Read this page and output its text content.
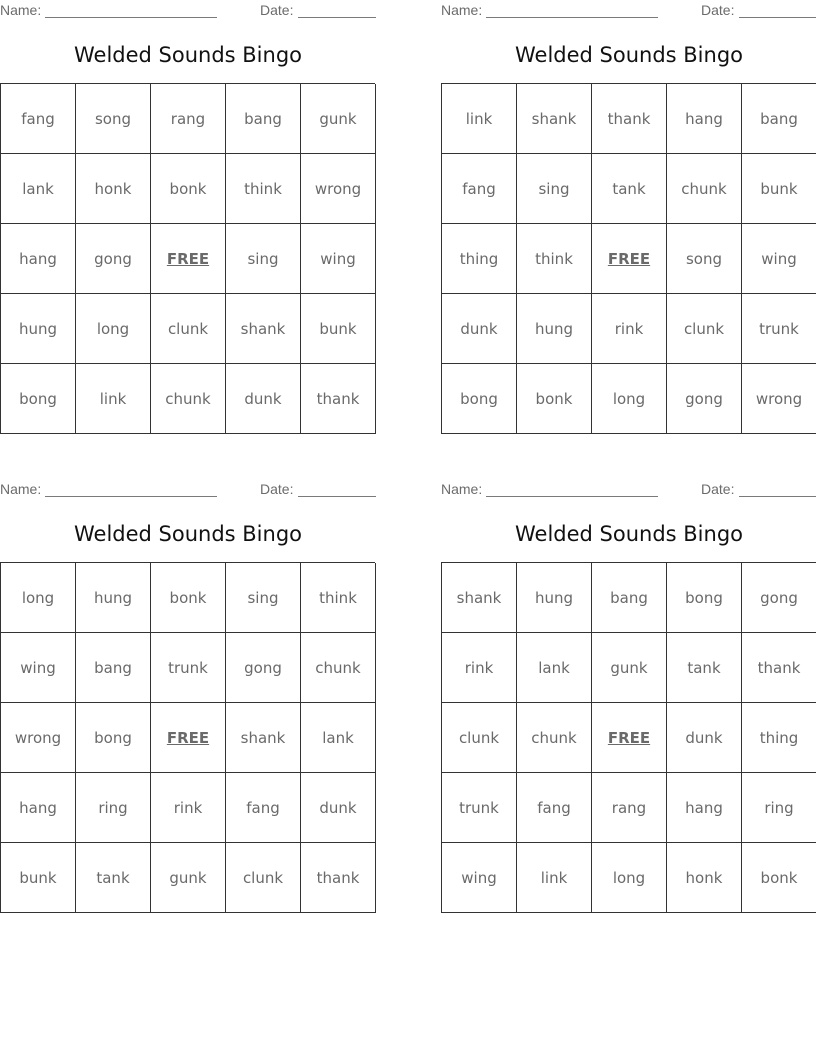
Name:	Date:
Welded Sounds Bingo
fang	song	rang	bang	gunk
lank	honk	bonk	think	wrong
hang	gong	FREE	sing	wing
hung	long	clunk	shank	bunk
bong	link	chunk	dunk	thank
Name:	Date:
Welded Sounds Bingo
link	shank	thank	hang	bang
fang	sing	tank	chunk	bunk
thing	think	FREE	song	wing
dunk	hung	rink	clunk	trunk
bong	bonk	long	gong	wrong
Name:	Date:
Welded Sounds Bingo
long	hung	bonk	sing	think
wing	bang	trunk	gong	chunk
wrong	bong	FREE	shank	lank
hang	ring	rink	fang	dunk
bunk	tank	gunk	clunk	thank
Name:	Date:
Welded Sounds Bingo
shank	hung	bang	bong	gong
rink	lank	gunk	tank	thank
clunk	chunk	FREE	dunk	thing
trunk	fang	rang	hang	ring
wing	link	long	honk	bonk
